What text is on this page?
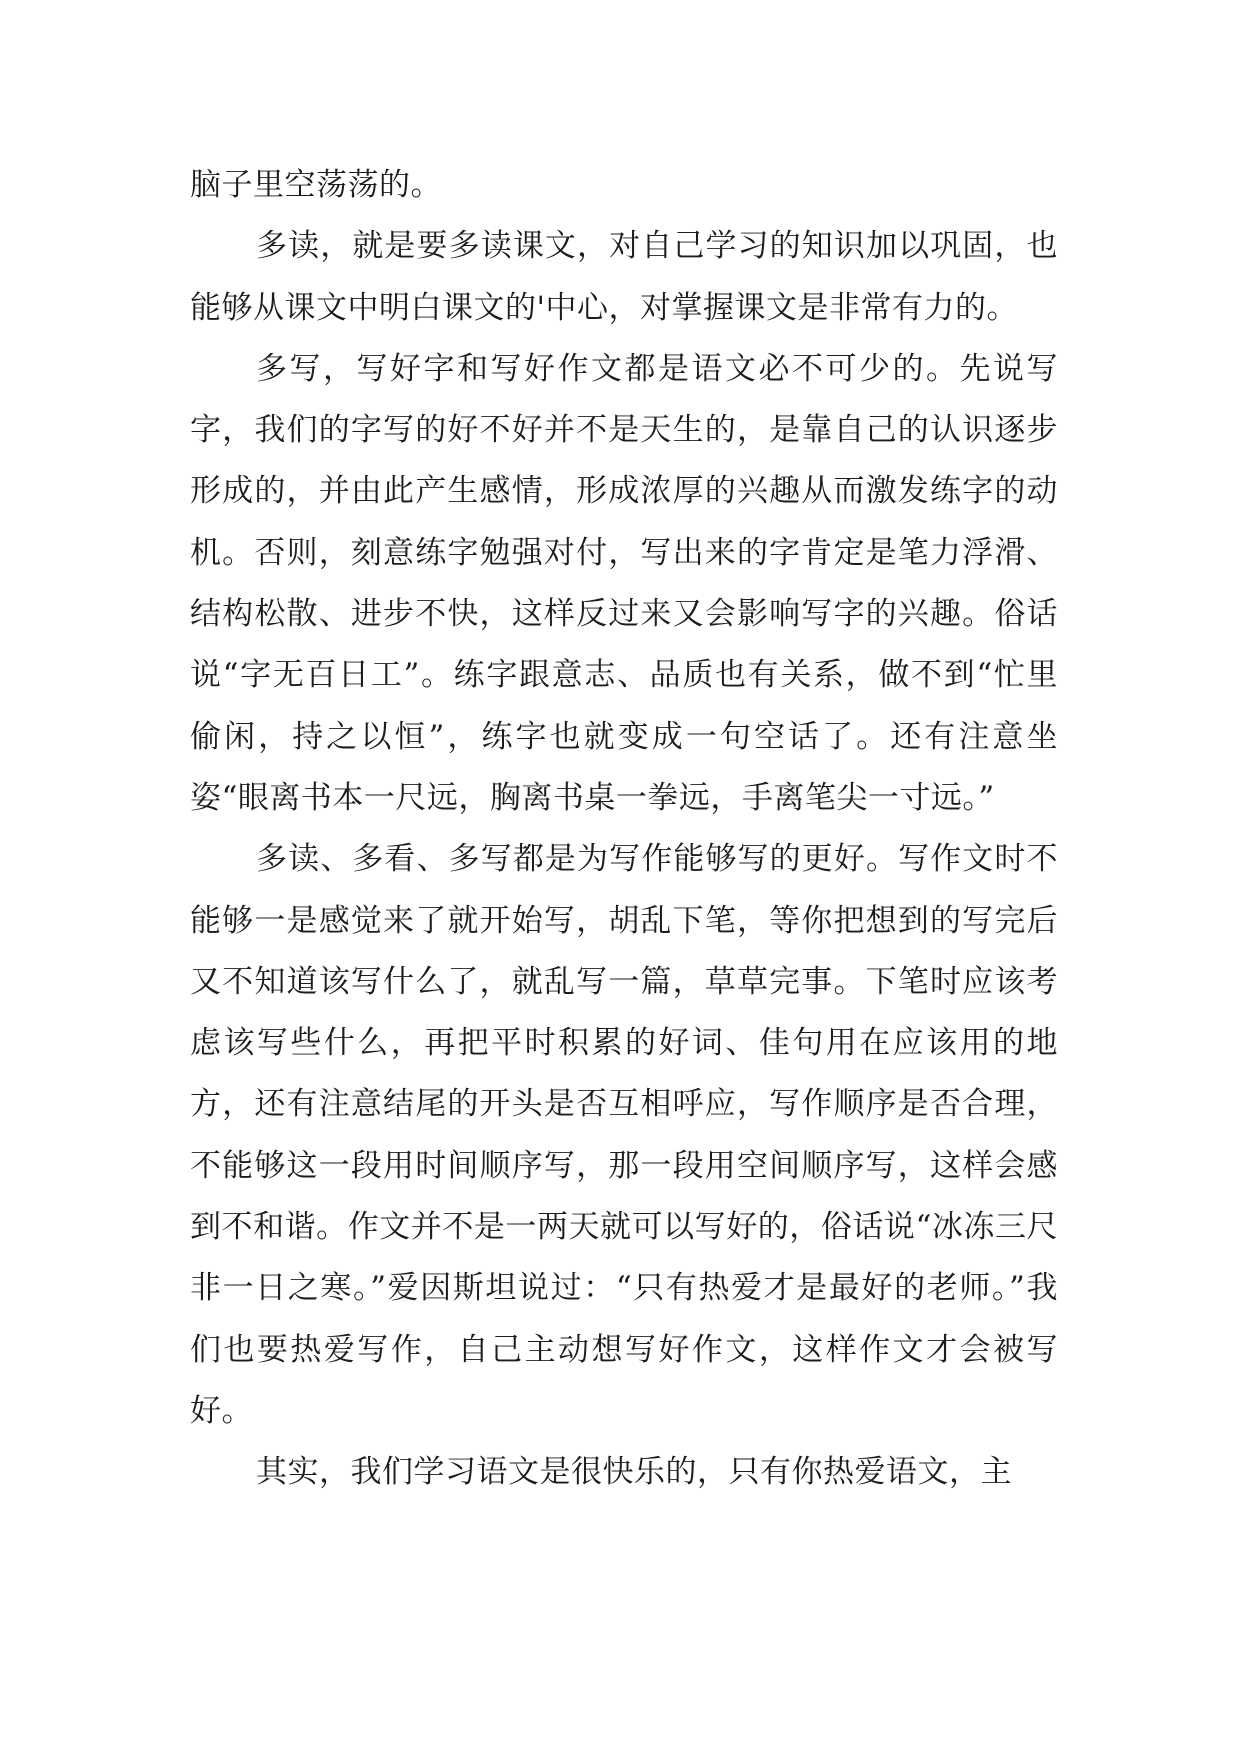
脑子里空荡荡的。

多读，就是要多读课文，对自己学习的知识加以巩固，也能够从课文中明白课文的'中心，对掌握课文是非常有力的。

多写，写好字和写好作文都是语文必不可少的。先说写字，我们的字写的好不好并不是天生的，是靠自己的认识逐步形成的，并由此产生感情，形成浓厚的兴趣从而激发练字的动机。否则，刻意练字勉强对付，写出来的字肯定是笔力浮滑、结构松散、进步不快，这样反过来又会影响写字的兴趣。俗话说“字无百日工”。练字跟意志、品质也有关系，做不到“忙里偷闲，持之以恒”，练字也就变成一句空话了。还有注意坐姿“眼离书本一尺远，胸离书桌一拳远，手离笔尖一寸远。”

多读、多看、多写都是为写作能够写的更好。写作文时不能够一是感觉来了就开始写，胡乱下笔，等你把想到的写完后又不知道该写什么了，就乱写一篇，草草完事。下笔时应该考虑该写些什么，再把平时积累的好词、佳句用在应该用的地方，还有注意结尾的开头是否互相呼应，写作顺序是否合理，不能够这一段用时间顺序写，那一段用空间顺序写，这样会感到不和谐。作文并不是一两天就可以写好的，俗话说“冰冻三尺非一日之寒。”爱因斯坦说过：“只有热爱才是最好的老师。”我们也要热爱写作，自己主动想写好作文，这样作文才会被写好。

其实，我们学习语文是很快乐的，只有你热爱语文，主
